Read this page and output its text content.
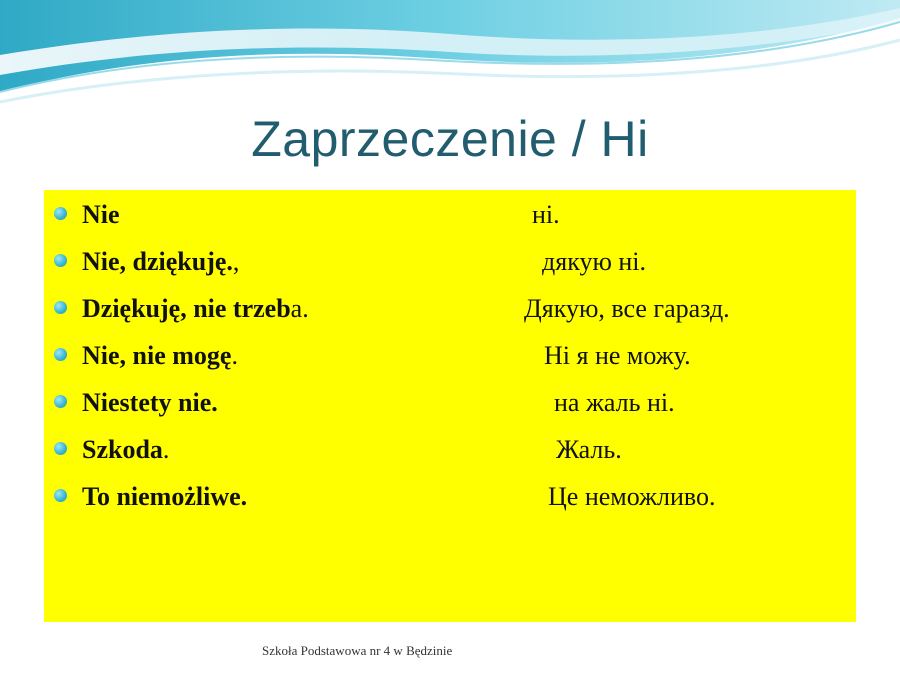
Zaprzeczenie / Ні
Nie	ні.
Nie, dziękuję.,	дякую ні.
Dziękuję, nie trzeba.	Дякую, все гаразд.
Nie, nie mogę.	Ні я не можу.
Niestety nie.	на жаль ні.
Szkoda.	Жаль.
To niemożliwe.	Це неможливо.
Szkoła Podstawowa nr 4 w Będzinie
